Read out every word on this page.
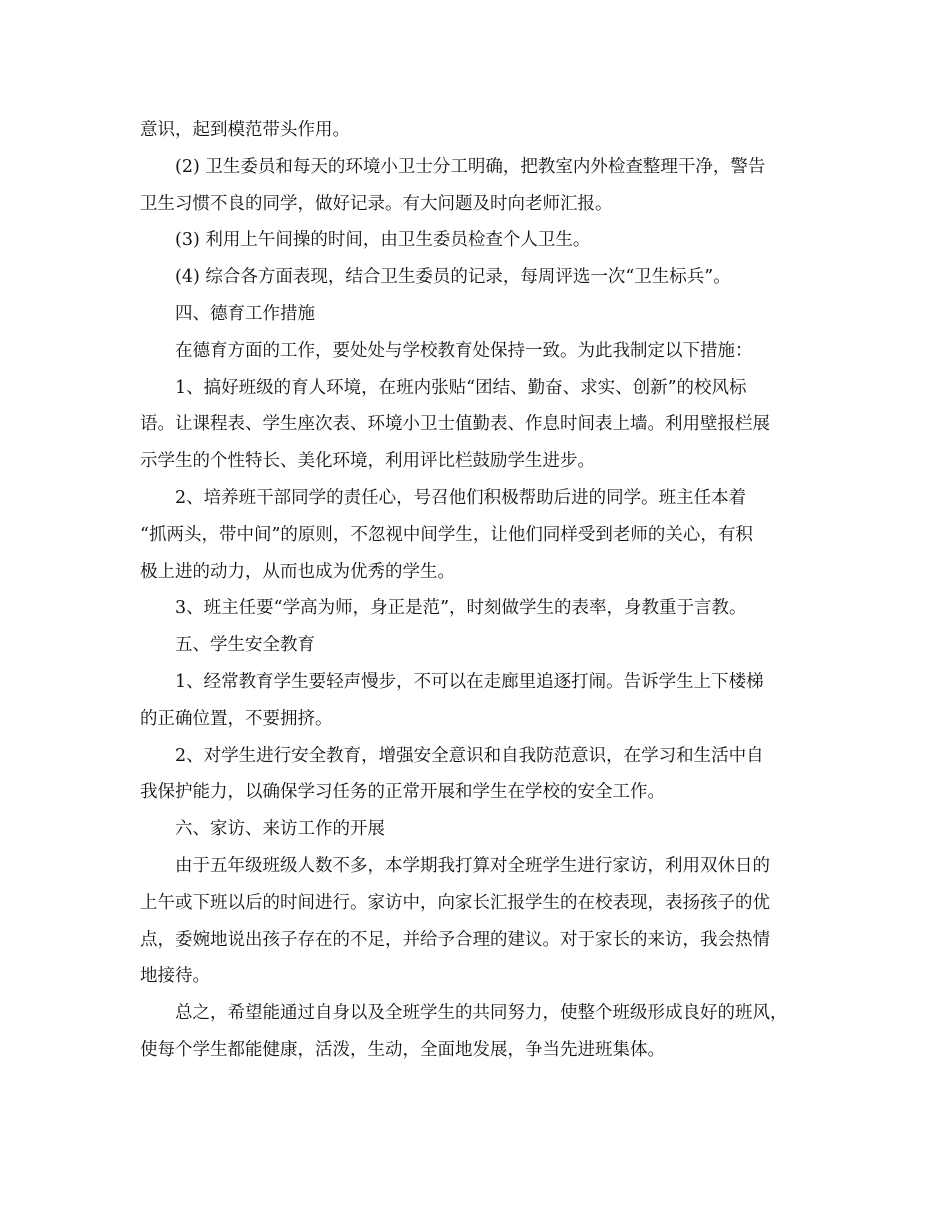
意识，起到模范带头作用。
(2) 卫生委员和每天的环境小卫士分工明确，把教室内外检查整理干净，警告
卫生习惯不良的同学，做好记录。有大问题及时向老师汇报。
(3) 利用上午间操的时间，由卫生委员检查个人卫生。
(4) 综合各方面表现，结合卫生委员的记录，每周评选一次“卫生标兵”。
四、德育工作措施
在德育方面的工作，要处处与学校教育处保持一致。为此我制定以下措施：
1、搞好班级的育人环境，在班内张贴“团结、勤奋、求实、创新”的校风标
语。让课程表、学生座次表、环境小卫士值勤表、作息时间表上墙。利用壁报栏展
示学生的个性特长、美化环境，利用评比栏鼓励学生进步。
2、培养班干部同学的责任心，号召他们积极帮助后进的同学。班主任本着
“抓两头，带中间”的原则，不忽视中间学生，让他们同样受到老师的关心，有积
极上进的动力，从而也成为优秀的学生。
3、班主任要“学高为师，身正是范”，时刻做学生的表率，身教重于言教。
五、学生安全教育
1、经常教育学生要轻声慢步，不可以在走廊里追逐打闹。告诉学生上下楼梯
的正确位置，不要拥挤。
2、对学生进行安全教育，增强安全意识和自我防范意识，在学习和生活中自
我保护能力，以确保学习任务的正常开展和学生在学校的安全工作。
六、家访、来访工作的开展
由于五年级班级人数不多，本学期我打算对全班学生进行家访，利用双休日的
上午或下班以后的时间进行。家访中，向家长汇报学生的在校表现，表扬孩子的优
点，委婉地说出孩子存在的不足，并给予合理的建议。对于家长的来访，我会热情
地接待。
总之，希望能通过自身以及全班学生的共同努力，使整个班级形成良好的班风，
使每个学生都能健康，活泼，生动，全面地发展，争当先进班集体。
